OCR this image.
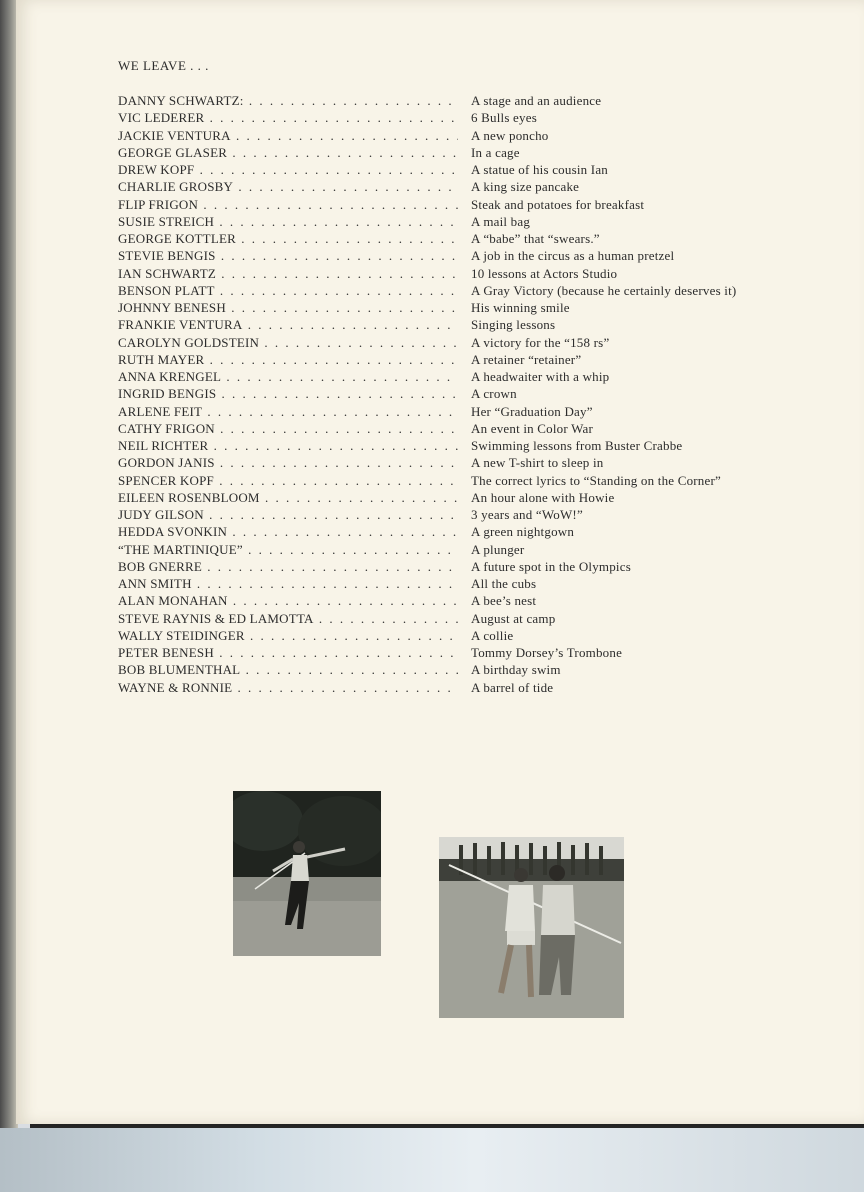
WE LEAVE . . .
DANNY SCHWARTZ: . . .	A stage and an audience
VIC LEDERER . . .	6 Bulls eyes
JACKIE VENTURA . . .	A new poncho
GEORGE GLASER . . .	In a cage
DREW KOPF . . .	A statue of his cousin Ian
CHARLIE GROSBY . . .	A king size pancake
FLIP FRIGON . . .	Steak and potatoes for breakfast
SUSIE STREICH . . .	A mail bag
GEORGE KOTTLER . . .	A “babe” that “swears.”
STEVIE BENGIS . . .	A job in the circus as a human pretzel
IAN SCHWARTZ . . .	10 lessons at Actors Studio
BENSON PLATT . . .	A Gray Victory (because he certainly deserves it)
JOHNNY BENESH . . .	His winning smile
FRANKIE VENTURA . . .	Singing lessons
CAROLYN GOLDSTEIN . . .	A victory for the “158 rs”
RUTH MAYER . . .	A retainer “retainer”
ANNA KRENGEL . . .	A headwaiter with a whip
INGRID BENGIS . . .	A crown
ARLENE FEIT . . .	Her “Graduation Day”
CATHY FRIGON . . .	An event in Color War
NEIL RICHTER . . .	Swimming lessons from Buster Crabbe
GORDON JANIS . . .	A new T-shirt to sleep in
SPENCER KOPF . . .	The correct lyrics to “Standing on the Corner”
EILEEN ROSENBLOOM . . .	An hour alone with Howie
JUDY GILSON . . .	3 years and “WoW!”
HEDDA SVONKIN . . .	A green nightgown
“THE MARTINIQUE” . . .	A plunger
BOB GNERRE . . .	A future spot in the Olympics
ANN SMITH . . .	All the cubs
ALAN MONAHAN . . .	A bee’s nest
STEVE RAYNIS & ED LAMOTTA . . .	August at camp
WALLY STEIDINGER . . .	A collie
PETER BENESH . . .	Tommy Dorsey’s Trombone
BOB BLUMENTHAL . . .	A birthday swim
WAYNE & RONNIE . . .	A barrel of tide
